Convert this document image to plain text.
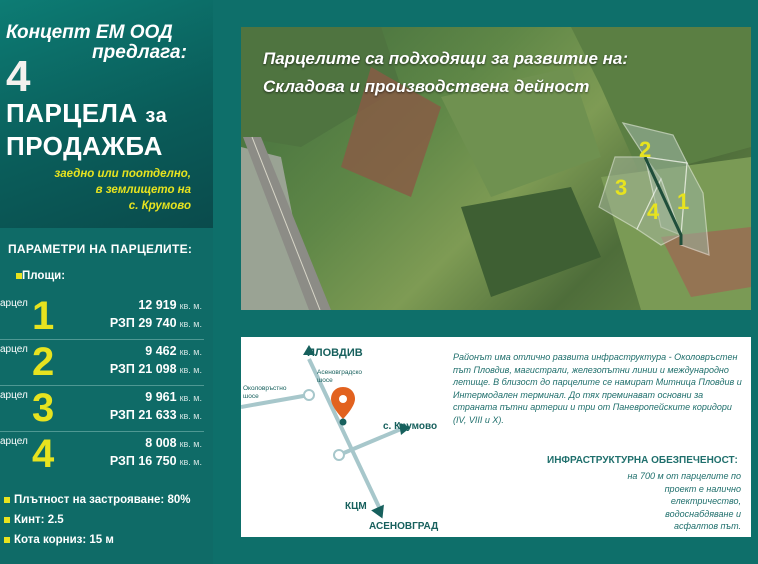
Концепт ЕМ ООД
предлага:
4
ПАРЦЕЛА за
ПРОДАЖБА
заедно или поотделно,
в землището на
с. Крумово
ПАРАМЕТРИ НА ПАРЦЕЛИТЕ:
Площи:
арцел 1	12 919 кв. м.
РЗП 29 740 кв. м.
арцел 2	9 462 кв. м.
РЗП 21 098 кв. м.
арцел 3	9 961 кв. м.
РЗП 21 633 кв. м.
арцел 4	8 008 кв. м.
РЗП 16 750 кв. м.
Плътност на застрояване: 80%
Кинт: 2.5
Кота корниз: 15 м
2
3
4 1
Парцелите са подходящи за развитие на:
Складова и производствена дейност
ПЛОВДИВ
Околовръстно шосе
Асеновградско шосе
с. Крумово
КЦМ
АСЕНОВГРАД
Районът има отлично развита инфраструктура - Околовръстен път Пловдив, магистрали, железопътни линии и международно летище. В близост до парцелите се намират Митница Пловдив и Интермодален терминал. До тях преминават основни за страната пътни артерии и три от Паневропейските коридори (IV, VIII и X).
ИНФРАСТРУКТУРНА ОБЕЗПЕЧЕНОСТ:
на 700 м от парцелите по проект е налично електричество, водоснабдяване и асфалтов път.
